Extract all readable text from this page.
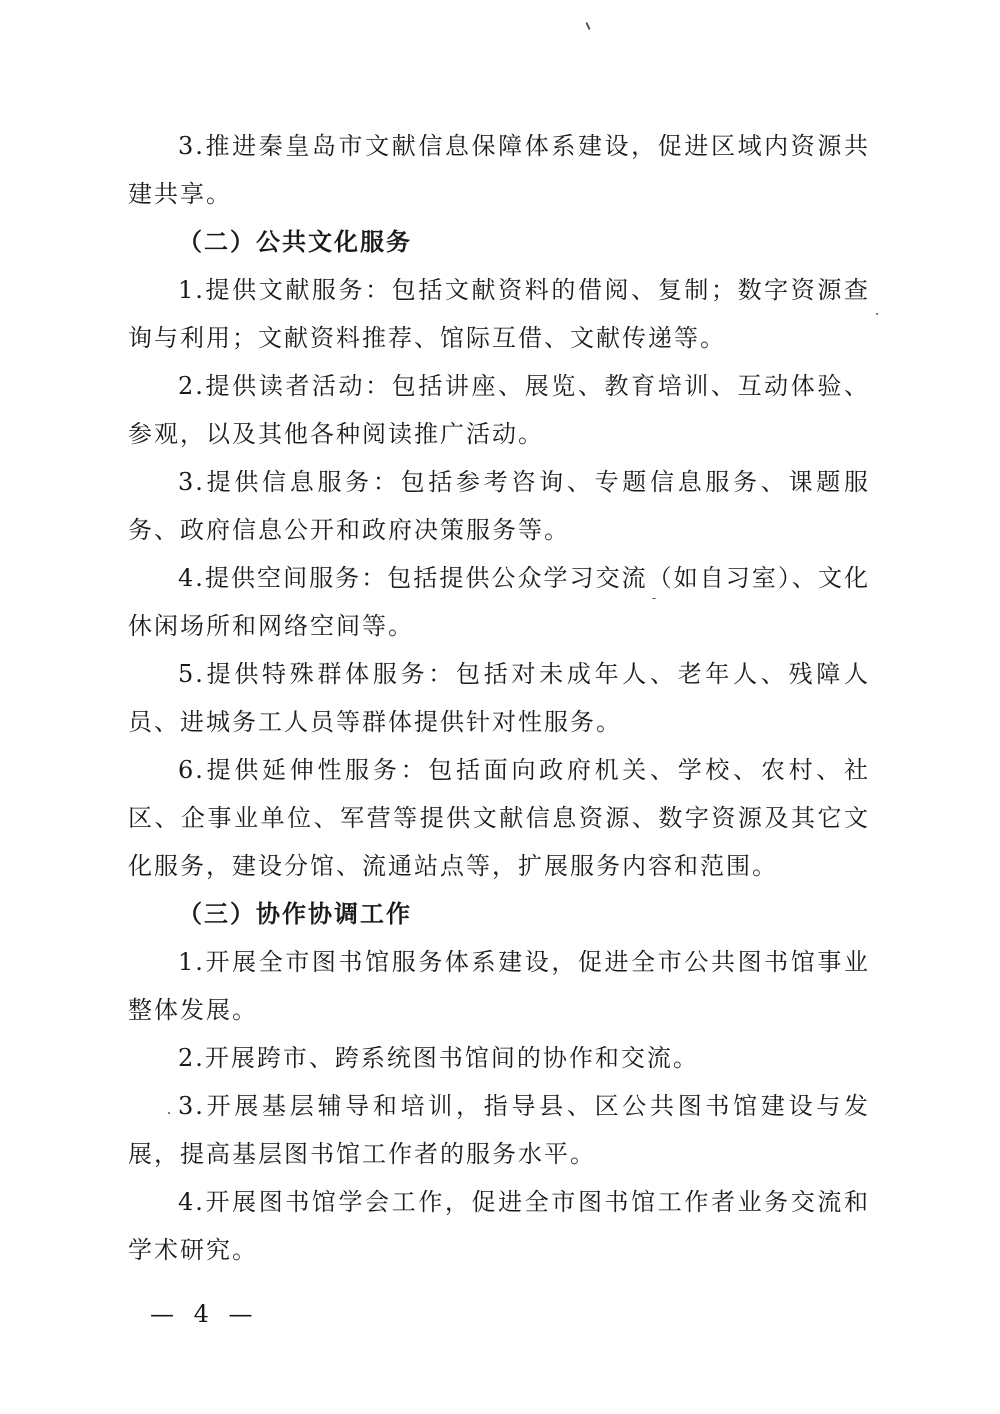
3.推进秦皇岛市文献信息保障体系建设，促进区域内资源共建共享。

（二）公共文化服务

1.提供文献服务：包括文献资料的借阅、复制；数字资源查询与利用；文献资料推荐、馆际互借、文献传递等。

2.提供读者活动：包括讲座、展览、教育培训、互动体验、参观，以及其他各种阅读推广活动。

3.提供信息服务：包括参考咨询、专题信息服务、课题服务、政府信息公开和政府决策服务等。

4.提供空间服务：包括提供公众学习交流（如自习室）、文化休闲场所和网络空间等。

5.提供特殊群体服务：包括对未成年人、老年人、残障人员、进城务工人员等群体提供针对性服务。

6.提供延伸性服务：包括面向政府机关、学校、农村、社区、企事业单位、军营等提供文献信息资源、数字资源及其它文化服务，建设分馆、流通站点等，扩展服务内容和范围。

（三）协作协调工作

1.开展全市图书馆服务体系建设，促进全市公共图书馆事业整体发展。

2.开展跨市、跨系统图书馆间的协作和交流。

3.开展基层辅导和培训，指导县、区公共图书馆建设与发展，提高基层图书馆工作者的服务水平。

4.开展图书馆学会工作，促进全市图书馆工作者业务交流和学术研究。

— 4 —
